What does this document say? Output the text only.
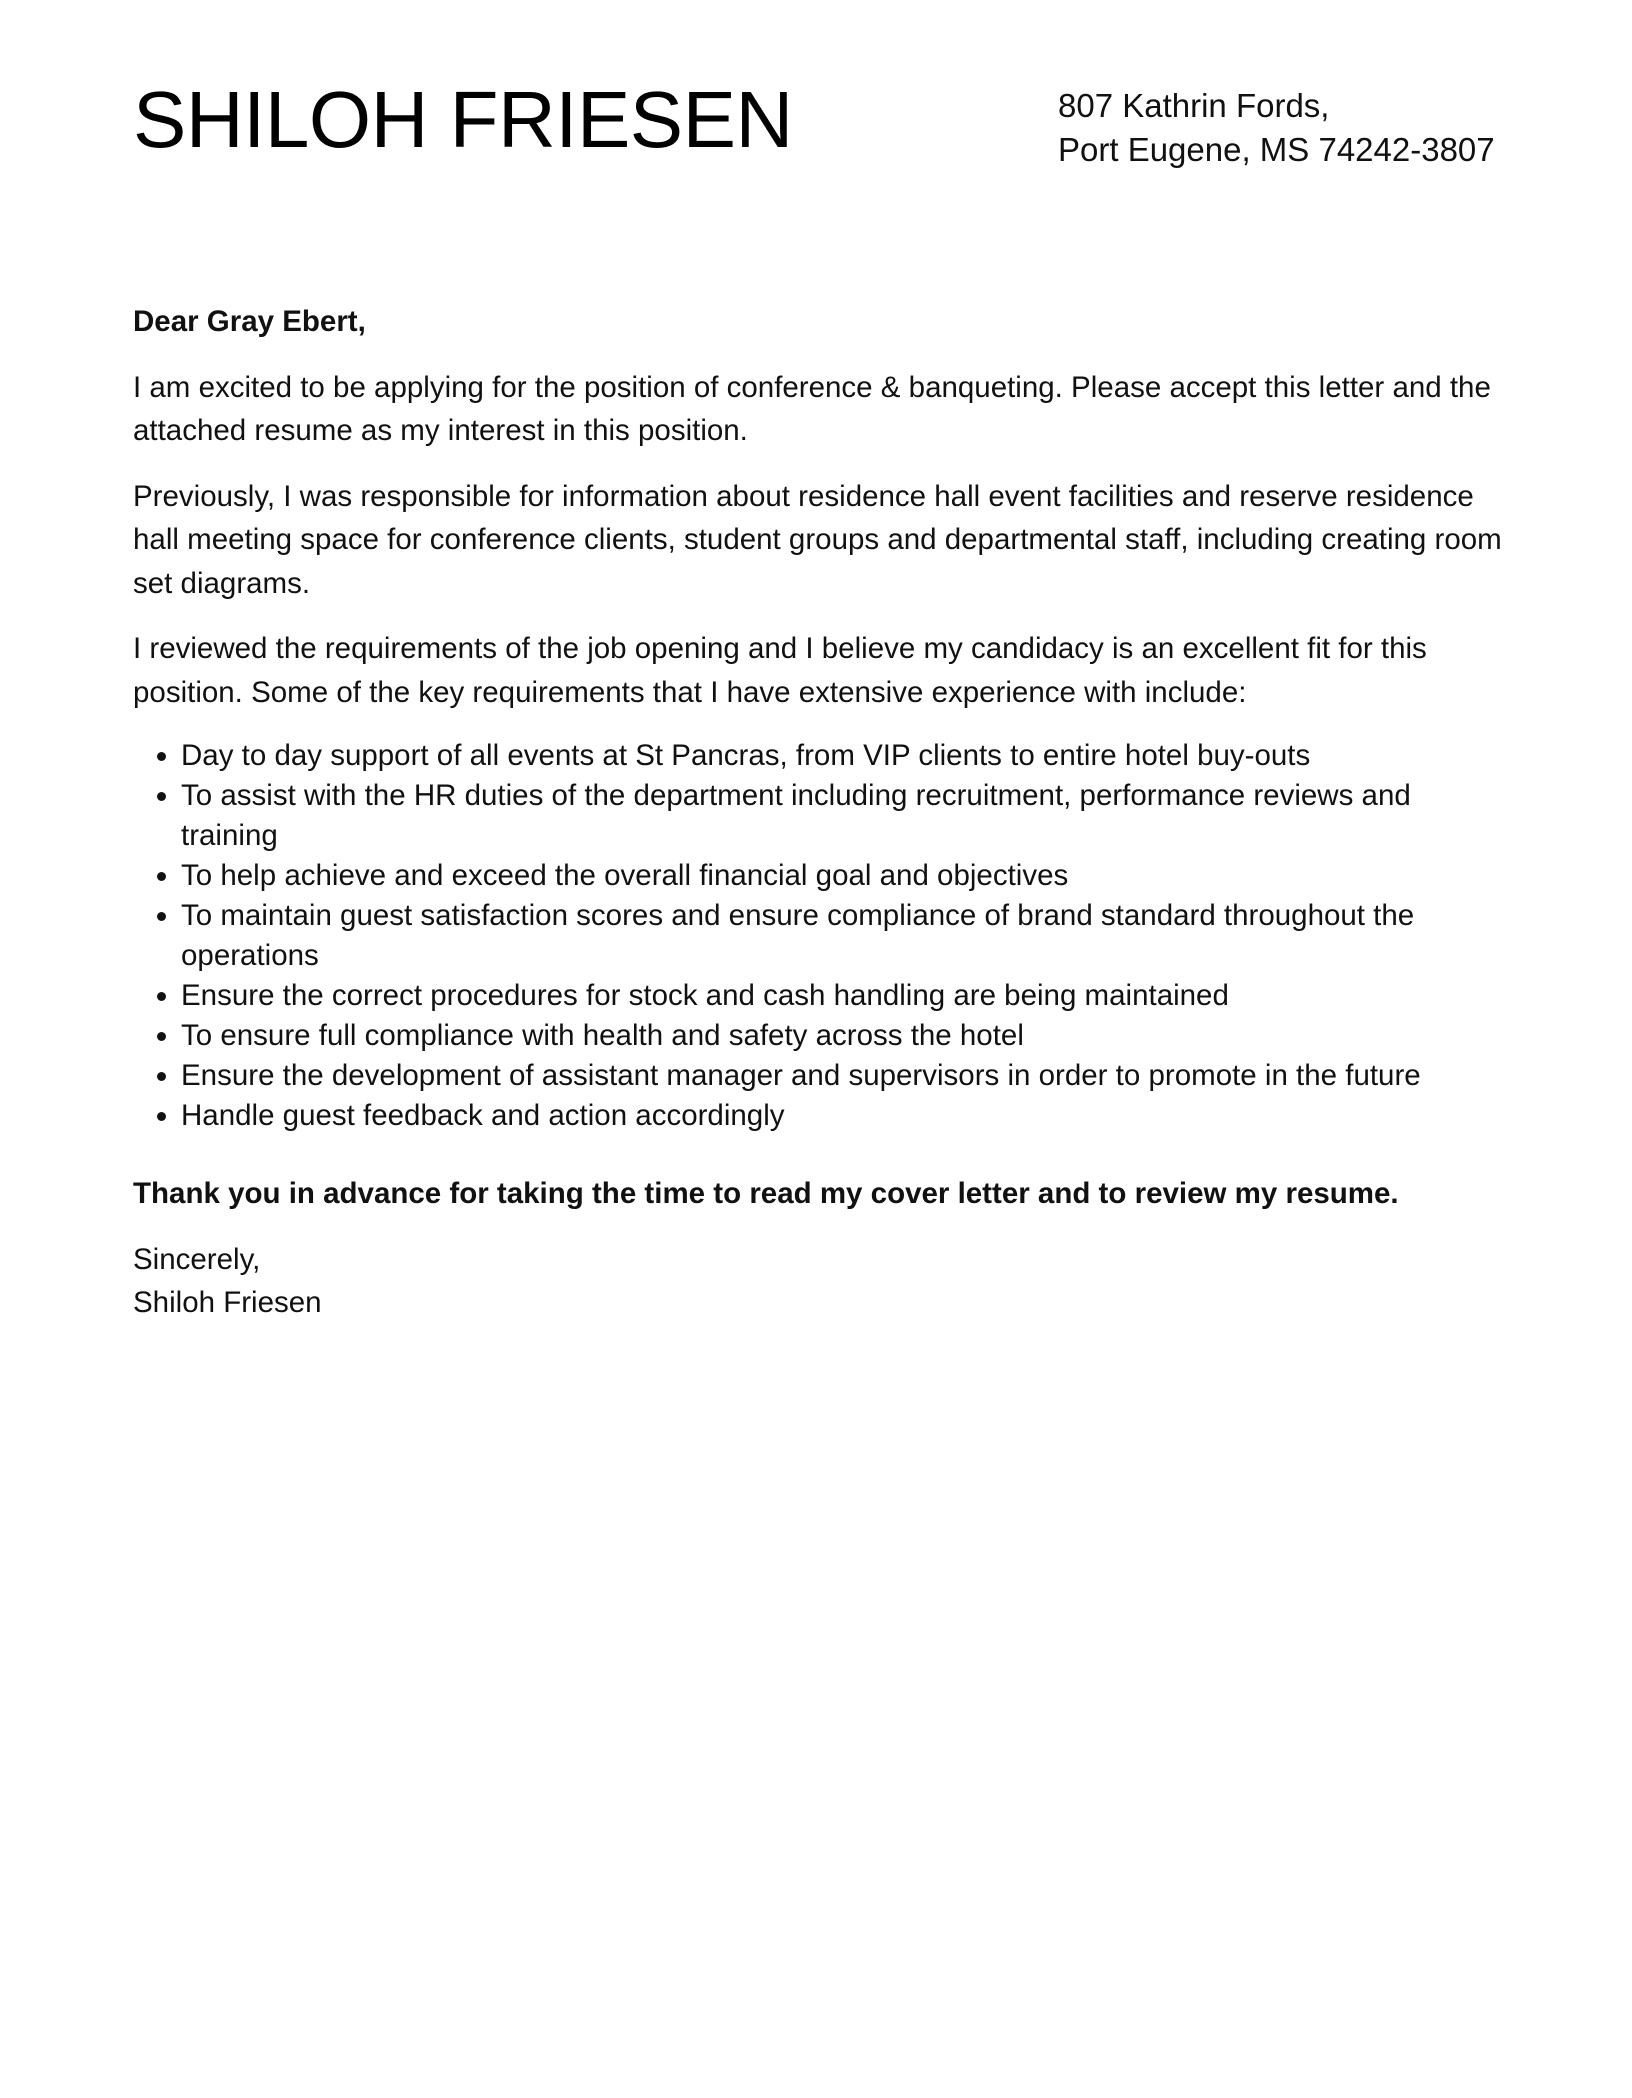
SHILOH FRIESEN	807 Kathrin Fords,
Port Eugene, MS 74242-3807

Dear Gray Ebert,

I am excited to be applying for the position of conference & banqueting. Please accept this letter and the attached resume as my interest in this position.

Previously, I was responsible for information about residence hall event facilities and reserve residence hall meeting space for conference clients, student groups and departmental staff, including creating room set diagrams.

I reviewed the requirements of the job opening and I believe my candidacy is an excellent fit for this position. Some of the key requirements that I have extensive experience with include:

• Day to day support of all events at St Pancras, from VIP clients to entire hotel buy-outs
• To assist with the HR duties of the department including recruitment, performance reviews and training
• To help achieve and exceed the overall financial goal and objectives
• To maintain guest satisfaction scores and ensure compliance of brand standard throughout the operations
• Ensure the correct procedures for stock and cash handling are being maintained
• To ensure full compliance with health and safety across the hotel
• Ensure the development of assistant manager and supervisors in order to promote in the future
• Handle guest feedback and action accordingly

Thank you in advance for taking the time to read my cover letter and to review my resume.

Sincerely,
Shiloh Friesen
